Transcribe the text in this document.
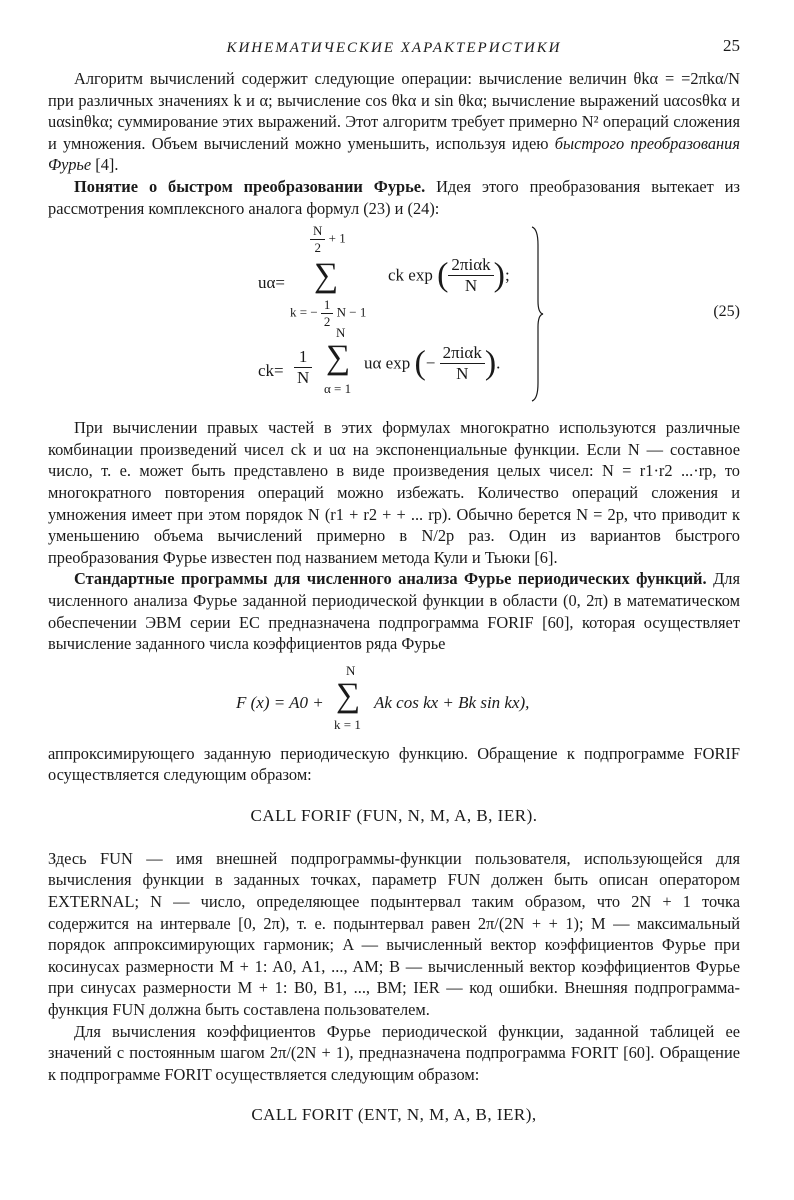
КИНЕМАТИЧЕСКИЕ ХАРАКТЕРИСТИКИ	25

Алгоритм вычислений содержит следующие операции: вычисление величин θkα = =2πkα/N при различных значениях k и α; вычисление cos θkα и sin θkα; вычисление выражений uαcosθkα и uαsinθkα; суммирование этих выражений. Этот алгоритм требует примерно N² операций сложения и умножения. Объем вычислений можно уменьшить, используя идею быстрого преобразования Фурье [4].

Понятие о быстром преобразовании Фурье. Идея этого преобразования вытекает из рассмотрения комплексного аналога формул (23) и (24):

uα=
$\frac{N}{2} + 1$
∑
k = − $\frac{1}{2}$ N − 1
ck exp ( $\frac{\text{2πiαk}}{N}$ );
$ck= \frac{1}{N}$
N
∑
α = 1
uα exp (− $\frac{\text{2πiαk}}{N}$ ).
(25)

При вычислении правых частей в этих формулах многократно используются различные комбинации произведений чисел ck и uα на экспоненциальные функции. Если N — составное число, т. е. может быть представлено в виде произведения целых чисел: N = r1·r2 ...·rp, то многократного повторения операций можно избежать. Количество операций сложения и умножения имеет при этом порядок N (r1 + r2 + + ... rp). Обычно берется N = 2p, что приводит к уменьшению объема вычислений примерно в N/2p раз. Один из вариантов быстрого преобразования Фурье известен под названием метода Кули и Тьюки [6].

Стандартные программы для численного анализа Фурье периодических функций. Для численного анализа Фурье заданной периодической функции в области (0, 2π) в математическом обеспечении ЭВМ серии ЕС предназначена подпрограмма FORIF [60], которая осуществляет вычисление заданного числа коэффициентов ряда Фурье

F (x) = A0 +
N
∑
k = 1
Ak cos kx + Bk sin kx),

аппроксимирующего заданную периодическую функцию. Обращение к подпрограмме FORIF осуществляется следующим образом:

CALL FORIF (FUN, N, M, A, B, IER).

Здесь FUN — имя внешней подпрограммы-функции пользователя, использующейся для вычисления функции в заданных точках, параметр FUN должен быть описан оператором EXTERNAL; N — число, определяющее подынтервал таким образом, что 2N + 1 точка содержится на интервале [0, 2π), т. е. подынтервал равен 2π/(2N + + 1); M — максимальный порядок аппроксимирующих гармоник; A — вычисленный вектор коэффициентов Фурье при косинусах размерности M + 1: A0, A1, ..., AM; B — вычисленный вектор коэффициентов Фурье при синусах размерности M + 1: B0, B1, ..., BM; IER — код ошибки. Внешняя подпрограмма-функция FUN должна быть составлена пользователем.

Для вычисления коэффициентов Фурье периодической функции, заданной таблицей ее значений с постоянным шагом 2π/(2N + 1), предназначена подпрограмма FORIT [60]. Обращение к подпрограмме FORIT осуществляется следующим образом:

CALL FORIT (ENT, N, M, A, B, IER),
